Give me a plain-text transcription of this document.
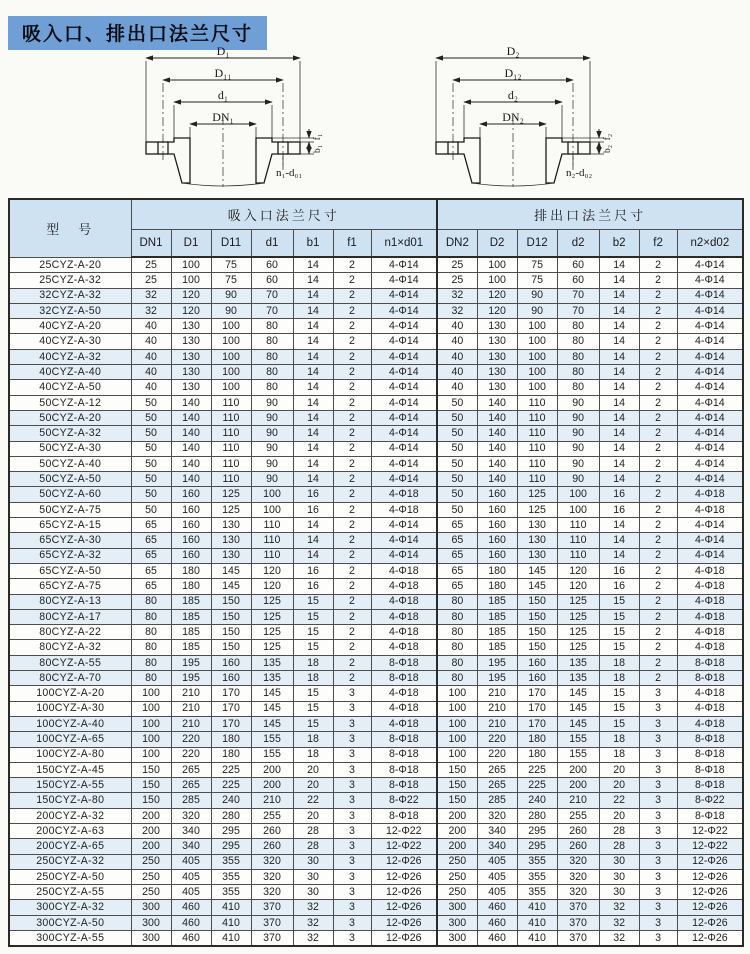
吸入口、排出口法兰尺寸
D₁
D₁₁
d₁
DN₁
f₁
b₁
n₁-d₀₁
D₂
D₁₂
d₂
DN₂
f₂
b₂
n₂-d₀₂
型　号	吸入口法兰尺寸							排出口法兰尺寸						
	DN1	D1	D11	d1	b1	f1	n1×d01	DN2	D2	D12	d2	b2	f2	n2×d02
25CYZ-A-20	25	100	75	60	14	2	4-Φ14	25	100	75	60	14	2	4-Φ14
25CYZ-A-32	25	100	75	60	14	2	4-Φ14	25	100	75	60	14	2	4-Φ14
32CYZ-A-32	32	120	90	70	14	2	4-Φ14	32	120	90	70	14	2	4-Φ14
32CYZ-A-50	32	120	90	70	14	2	4-Φ14	32	120	90	70	14	2	4-Φ14
40CYZ-A-20	40	130	100	80	14	2	4-Φ14	40	130	100	80	14	2	4-Φ14
40CYZ-A-30	40	130	100	80	14	2	4-Φ14	40	130	100	80	14	2	4-Φ14
40CYZ-A-32	40	130	100	80	14	2	4-Φ14	40	130	100	80	14	2	4-Φ14
40CYZ-A-40	40	130	100	80	14	2	4-Φ14	40	130	100	80	14	2	4-Φ14
40CYZ-A-50	40	130	100	80	14	2	4-Φ14	40	130	100	80	14	2	4-Φ14
50CYZ-A-12	50	140	110	90	14	2	4-Φ14	50	140	110	90	14	2	4-Φ14
50CYZ-A-20	50	140	110	90	14	2	4-Φ14	50	140	110	90	14	2	4-Φ14
50CYZ-A-32	50	140	110	90	14	2	4-Φ14	50	140	110	90	14	2	4-Φ14
50CYZ-A-30	50	140	110	90	14	2	4-Φ14	50	140	110	90	14	2	4-Φ14
50CYZ-A-40	50	140	110	90	14	2	4-Φ14	50	140	110	90	14	2	4-Φ14
50CYZ-A-50	50	140	110	90	14	2	4-Φ14	50	140	110	90	14	2	4-Φ14
50CYZ-A-60	50	160	125	100	16	2	4-Φ18	50	160	125	100	16	2	4-Φ18
50CYZ-A-75	50	160	125	100	16	2	4-Φ18	50	160	125	100	16	2	4-Φ18
65CYZ-A-15	65	160	130	110	14	2	4-Φ14	65	160	130	110	14	2	4-Φ14
65CYZ-A-30	65	160	130	110	14	2	4-Φ14	65	160	130	110	14	2	4-Φ14
65CYZ-A-32	65	160	130	110	14	2	4-Φ14	65	160	130	110	14	2	4-Φ14
65CYZ-A-50	65	180	145	120	16	2	4-Φ18	65	180	145	120	16	2	4-Φ18
65CYZ-A-75	65	180	145	120	16	2	4-Φ18	65	180	145	120	16	2	4-Φ18
80CYZ-A-13	80	185	150	125	15	2	4-Φ18	80	185	150	125	15	2	4-Φ18
80CYZ-A-17	80	185	150	125	15	2	4-Φ18	80	185	150	125	15	2	4-Φ18
80CYZ-A-22	80	185	150	125	15	2	4-Φ18	80	185	150	125	15	2	4-Φ18
80CYZ-A-32	80	185	150	125	15	2	4-Φ18	80	185	150	125	15	2	4-Φ18
80CYZ-A-55	80	195	160	135	18	2	8-Φ18	80	195	160	135	18	2	8-Φ18
80CYZ-A-70	80	195	160	135	18	2	8-Φ18	80	195	160	135	18	2	8-Φ18
100CYZ-A-20	100	210	170	145	15	3	4-Φ18	100	210	170	145	15	3	4-Φ18
100CYZ-A-30	100	210	170	145	15	3	4-Φ18	100	210	170	145	15	3	4-Φ18
100CYZ-A-40	100	210	170	145	15	3	4-Φ18	100	210	170	145	15	3	4-Φ18
100CYZ-A-65	100	220	180	155	18	3	8-Φ18	100	220	180	155	18	3	8-Φ18
100CYZ-A-80	100	220	180	155	18	3	8-Φ18	100	220	180	155	18	3	8-Φ18
150CYZ-A-45	150	265	225	200	20	3	8-Φ18	150	265	225	200	20	3	8-Φ18
150CYZ-A-55	150	265	225	200	20	3	8-Φ18	150	265	225	200	20	3	8-Φ18
150CYZ-A-80	150	285	240	210	22	3	8-Φ22	150	285	240	210	22	3	8-Φ22
200CYZ-A-32	200	320	280	255	20	3	8-Φ18	200	320	280	255	20	3	8-Φ18
200CYZ-A-63	200	340	295	260	28	3	12-Φ22	200	340	295	260	28	3	12-Φ22
200CYZ-A-65	200	340	295	260	28	3	12-Φ22	200	340	295	260	28	3	12-Φ22
250CYZ-A-32	250	405	355	320	30	3	12-Φ26	250	405	355	320	30	3	12-Φ26
250CYZ-A-50	250	405	355	320	30	3	12-Φ26	250	405	355	320	30	3	12-Φ26
250CYZ-A-55	250	405	355	320	30	3	12-Φ26	250	405	355	320	30	3	12-Φ26
300CYZ-A-32	300	460	410	370	32	3	12-Φ26	300	460	410	370	32	3	12-Φ26
300CYZ-A-50	300	460	410	370	32	3	12-Φ26	300	460	410	370	32	3	12-Φ26
300CYZ-A-55	300	460	410	370	32	3	12-Φ26	300	460	410	370	32	3	12-Φ26
